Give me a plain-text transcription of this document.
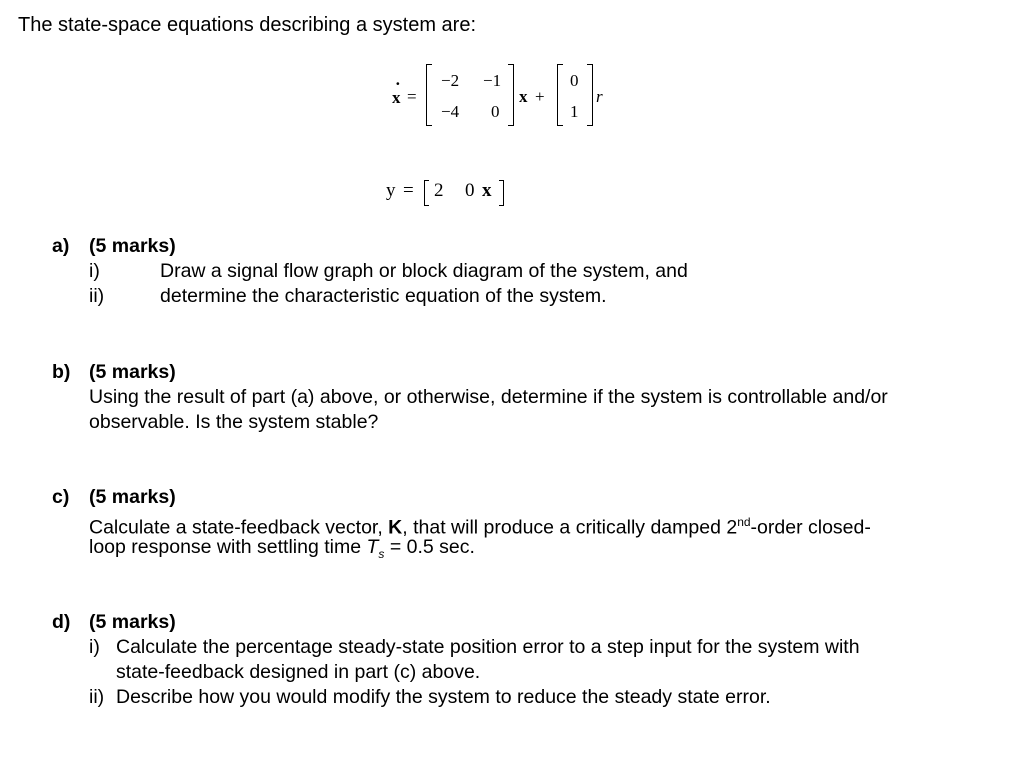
The state-space equations describing a system are:
x
·
=
−2 −1
−4 0
x +
0
1
r
y = 2 0 x
a) (5 marks)
i)	Draw a signal flow graph or block diagram of the system, and
ii)	determine the characteristic equation of the system.
b) (5 marks)
Using the result of part (a) above, or otherwise, determine if the system is controllable and/or
observable. Is the system stable?
c) (5 marks)
Calculate a state-feedback vector, K, that will produce a critically damped 2nd-order closed-
loop response with settling time $T_s = 0.5$ sec.
d) (5 marks)
i) Calculate the percentage steady-state position error to a step input for the system with
state-feedback designed in part (c) above.
ii) Describe how you would modify the system to reduce the steady state error.
